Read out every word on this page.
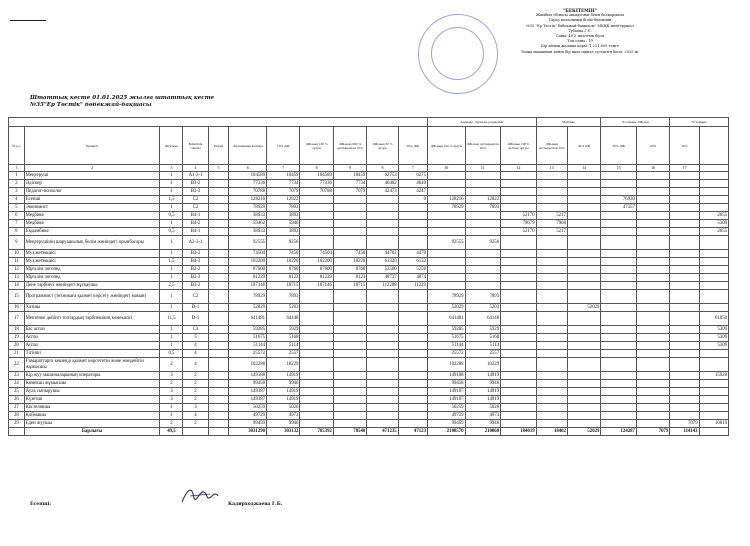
"БЕКІТЕМІН"
Жамбыл облысы әкімдігінің білім басқармасы
Тараз қаласының білім бөлімінің
№35 "Ер Төстік" бөбекжай-бақшасы" МКҚК меңгерушісі
Тубаева Г.Є.
Саны: 49,5 штаттық бірлі
Топ саны : 10
Бір айлық жалақы қоры: ₸ 211 609 теңге
Топқа маманнан кейін бір жыл ішінде сүттіктің басы: 2025 ж.
Штаттық кесте 01.01.2025 жылға штаттық кесте
№35"Ер Төстік" бөбекжай-бақшасы
											Адамдар, лауазым, разрядами			Медбике		Үстемақы ЛЖ-дан		Үстемақы	
№ р/с	Қызметі	Жүктеме	Біліктілік санаты	Разряд	Лауазымдық жалақы	10% ДЖ	ДЖ-ның 100 % артуы	ДЖ-ның 600 % арттырылған 10%	ДЖ-ның 30 % артуы	10% ДЖ	ДЖ-ның 100 % артуы	ДЖ-ның арттырылған 10%	ДЖ-ның 100% арттыр. артуы	ДЖ-ның арттырылған 10%	30% ДЖ	30% ДЖ	20%	30%	
1	2	3	4	5	6	7	8	9	8	7	10	11	12	13	14	15	16	17	
1	Меңгеруші	1	A1-3-1		104589	10459	104589	10459	62753	6275									
2	Әдіскер	1	B3-2		77336	7734	77336	7734	46402	4640									
3	Педагог-психолог	1	B3-3		70788	7079	70788	7079	42473	4247									
4	Есепші	1,5	C2		128216	12822				0	128216	12822				76930			
5	Экономист	1	C2		78929	7893					78929	7893				47357			
6	Медбике	0,5	B4-1		38933	3893							52170	5217					2655
7	Медбике	1	B4-2		59462	5946							79679	7968					5309
8	Емдәмбике	0,5	B4-1		38933	3893							52170	5217					2655
9	Меңгерушінің шаруашылық бөлім жөніндегі орынбасары	1	A2-3-1		92555	9256					92555	9256							
10	Муз.жетекшісі	1	B3-3		74504	7450	74504	7450	44702	4470									
11	Муз.жетекшісі	1,5	B4-3		102200	10220	102200	10220	61320	6132									
12	Мұғалім логопед	1	B2-2		87600	8760	87600	8760	52560	5256									
13	Мұғалім логопед	1	B2-3		81229	8123	81229	8123	48737	4874									
14	Дене тәрбиесі жөніндегі нұсқаушы	2,5	B3-2		187146	18715	187146	18715	112288	11229									
15	Программист (техникаға қызмет көрсету жөніндегі маман)	1	C2		78929	7893					78929	7893							
16	Хатшы	1	D-1		52029	5203					52029	5203			52029				
17	Мектепке дейінгі топтардың тәрбиешінің көмекшісі	11,5	D-1		641481	64148					641481	64148							61050
18	Бас аспаз	1	C3		59285	5929					59285	5929							5309
19	Аспаз	1	5		51675	5168					51675	5168							5309
20	Аспаз	1	4		51144	5114					51144	5114							5309
21	Тігінші	0,5	4		25572	2557					25572	2557							
22	Ғимараттарға кешенді қызмет көрсететін және жөндейтін жұмысшы	2	4		102288	10229					102288	10229							
23	Кір жуу машиналарының операторы	3	2		149188	14919					149188	14919							15928
24	Көмекші жұмысшы	2	2		99458	9946					99458	9946							
25	Аула сыпырушы	3	2		149187	14919					149187	14919							
26	Күзетші	3	2		149187	14919					149187	14919							
27	Кастелянша	1	3		50259	5026					50259	5026							
28	Қоймашы	1	4		49729	4973					49729	4973							
29	Еден жуушы	2	2		99459	9946					99459	9946						7079	10619
	Барлығы	49,5			3031290	303132	785392	78540	471235	47123	2108570	210860	184019	18402	52029	124287	7079	114143	
Есепші:	Кадирходжаева Г.Б.
